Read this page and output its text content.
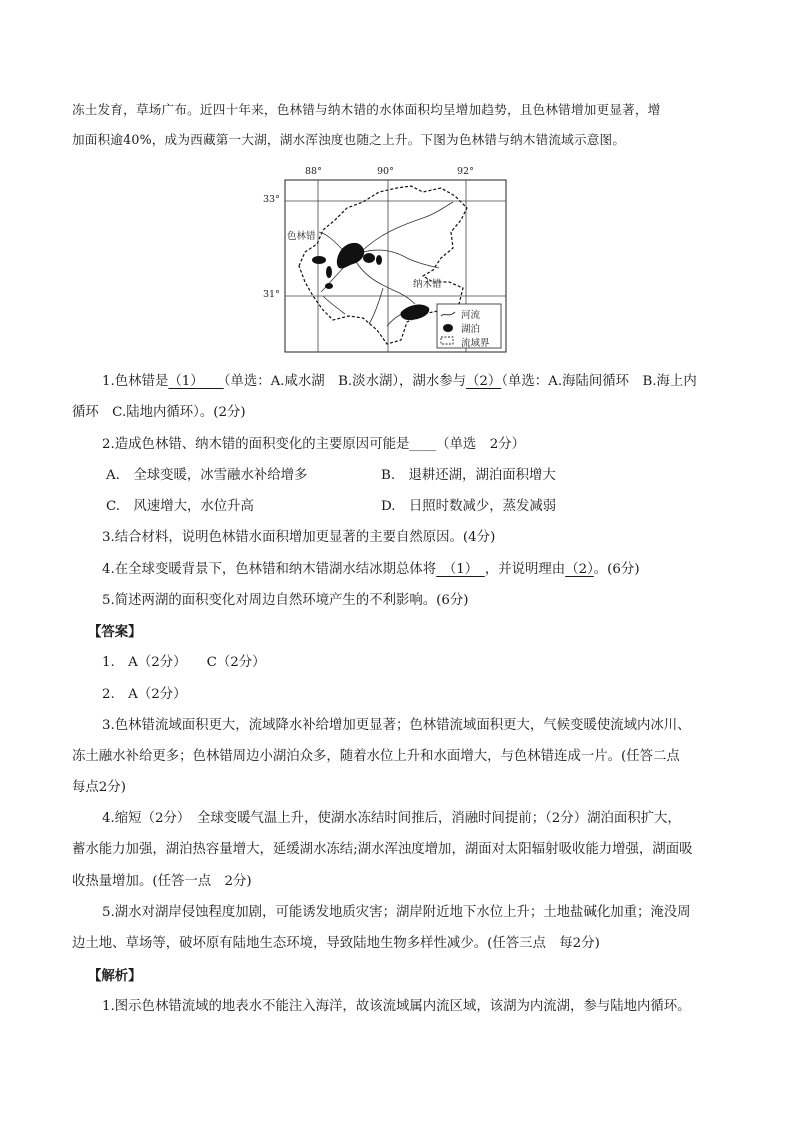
冻土发育，草场广布。近四十年来，色林错与纳木错的水体面积均呈增加趋势，且色林错增加更显著，增
加面积逾40%，成为西藏第一大湖，湖水浑浊度也随之上升。下图为色林错与纳木错流域示意图。
88°	90°	92°
33°
31°
色林错
纳木错
河流
湖泊
流域界
1.色林错是（1）　　 （单选：A.咸水湖　B.淡水湖），湖水参与（2）（单选：A.海陆间循环　B.海上内
循环　C.陆地内循环）。(2分)
2.造成色林错、纳木错的面积变化的主要原因可能是____（单选　2分）
A.　全球变暖，冰雪融水补给增多	B.　退耕还湖，湖泊面积增大
C.　风速增大，水位升高	D.　日照时数减少，蒸发减弱
3.结合材料，说明色林错水面积增加更显著的主要自然原因。(4分)
4.在全球变暖背景下，色林错和纳木错湖水结冰期总体将　（1）　，并说明理由（2）。(6分)
5.简述两湖的面积变化对周边自然环境产生的不利影响。(6分)
【答案】
1.　A（2分）　　C（2分）
2.　A（2分）
3.色林错流域面积更大，流域降水补给增加更显著；色林错流域面积更大，气候变暖使流域内冰川、
冻土融水补给更多；色林错周边小湖泊众多，随着水位上升和水面增大，与色林错连成一片。(任答二点
每点2分)
4.缩短（2分）　全球变暖气温上升，使湖水冻结时间推后，消融时间提前；（2分）湖泊面积扩大，
蓄水能力加强，湖泊热容量增大，延缓湖水冻结;湖水浑浊度增加，湖面对太阳辐射吸收能力增强，湖面吸
收热量增加。(任答一点　2分)
5.湖水对湖岸侵蚀程度加剧，可能诱发地质灾害；湖岸附近地下水位上升；土地盐碱化加重；淹没周
边土地、草场等，破坏原有陆地生态环境，导致陆地生物多样性减少。(任答三点　每2分)
【解析】
1.图示色林错流域的地表水不能注入海洋，故该流域属内流区域，该湖为内流湖，参与陆地内循环。
